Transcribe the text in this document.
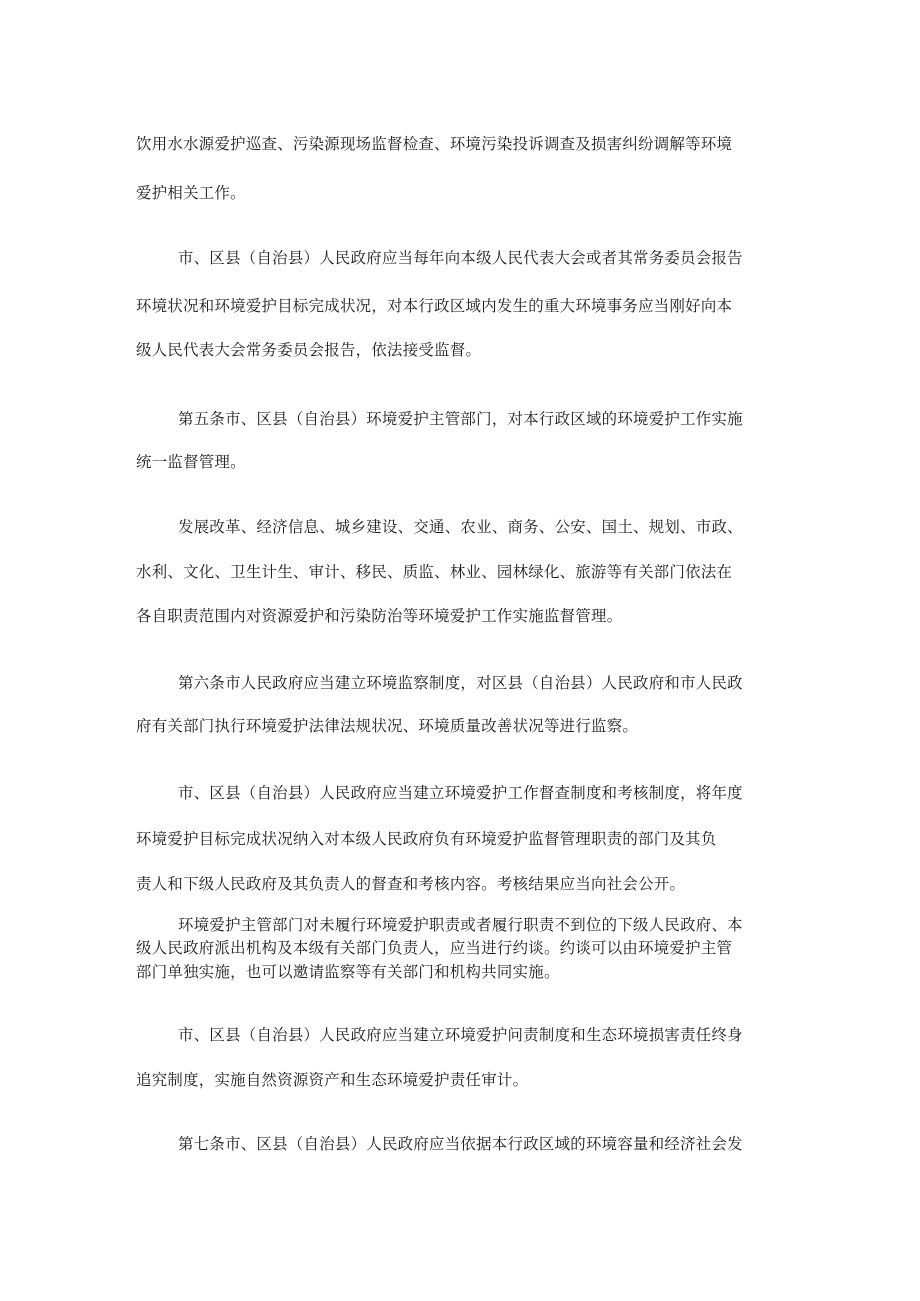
饮用水水源爱护巡查、污染源现场监督检查、环境污染投诉调查及损害纠纷调解等环境

爱护相关工作。

市、区县（自治县）人民政府应当每年向本级人民代表大会或者其常务委员会报告

环境状况和环境爱护目标完成状况，对本行政区域内发生的重大环境事务应当刚好向本

级人民代表大会常务委员会报告，依法接受监督。

第五条市、区县（自治县）环境爱护主管部门，对本行政区域的环境爱护工作实施

统一监督管理。

发展改革、经济信息、城乡建设、交通、农业、商务、公安、国土、规划、市政、

水利、文化、卫生计生、审计、移民、质监、林业、园林绿化、旅游等有关部门依法在

各自职责范围内对资源爱护和污染防治等环境爱护工作实施监督管理。

第六条市人民政府应当建立环境监察制度，对区县（自治县）人民政府和市人民政

府有关部门执行环境爱护法律法规状况、环境质量改善状况等进行监察。

市、区县（自治县）人民政府应当建立环境爱护工作督查制度和考核制度，将年度

环境爱护目标完成状况纳入对本级人民政府负有环境爱护监督管理职责的部门及其负

责人和下级人民政府及其负责人的督查和考核内容。考核结果应当向社会公开。

环境爱护主管部门对未履行环境爱护职责或者履行职责不到位的下级人民政府、本

级人民政府派出机构及本级有关部门负责人，应当进行约谈。约谈可以由环境爱护主管

部门单独实施，也可以邀请监察等有关部门和机构共同实施。

市、区县（自治县）人民政府应当建立环境爱护问责制度和生态环境损害责任终身

追究制度，实施自然资源资产和生态环境爱护责任审计。

第七条市、区县（自治县）人民政府应当依据本行政区域的环境容量和经济社会发
